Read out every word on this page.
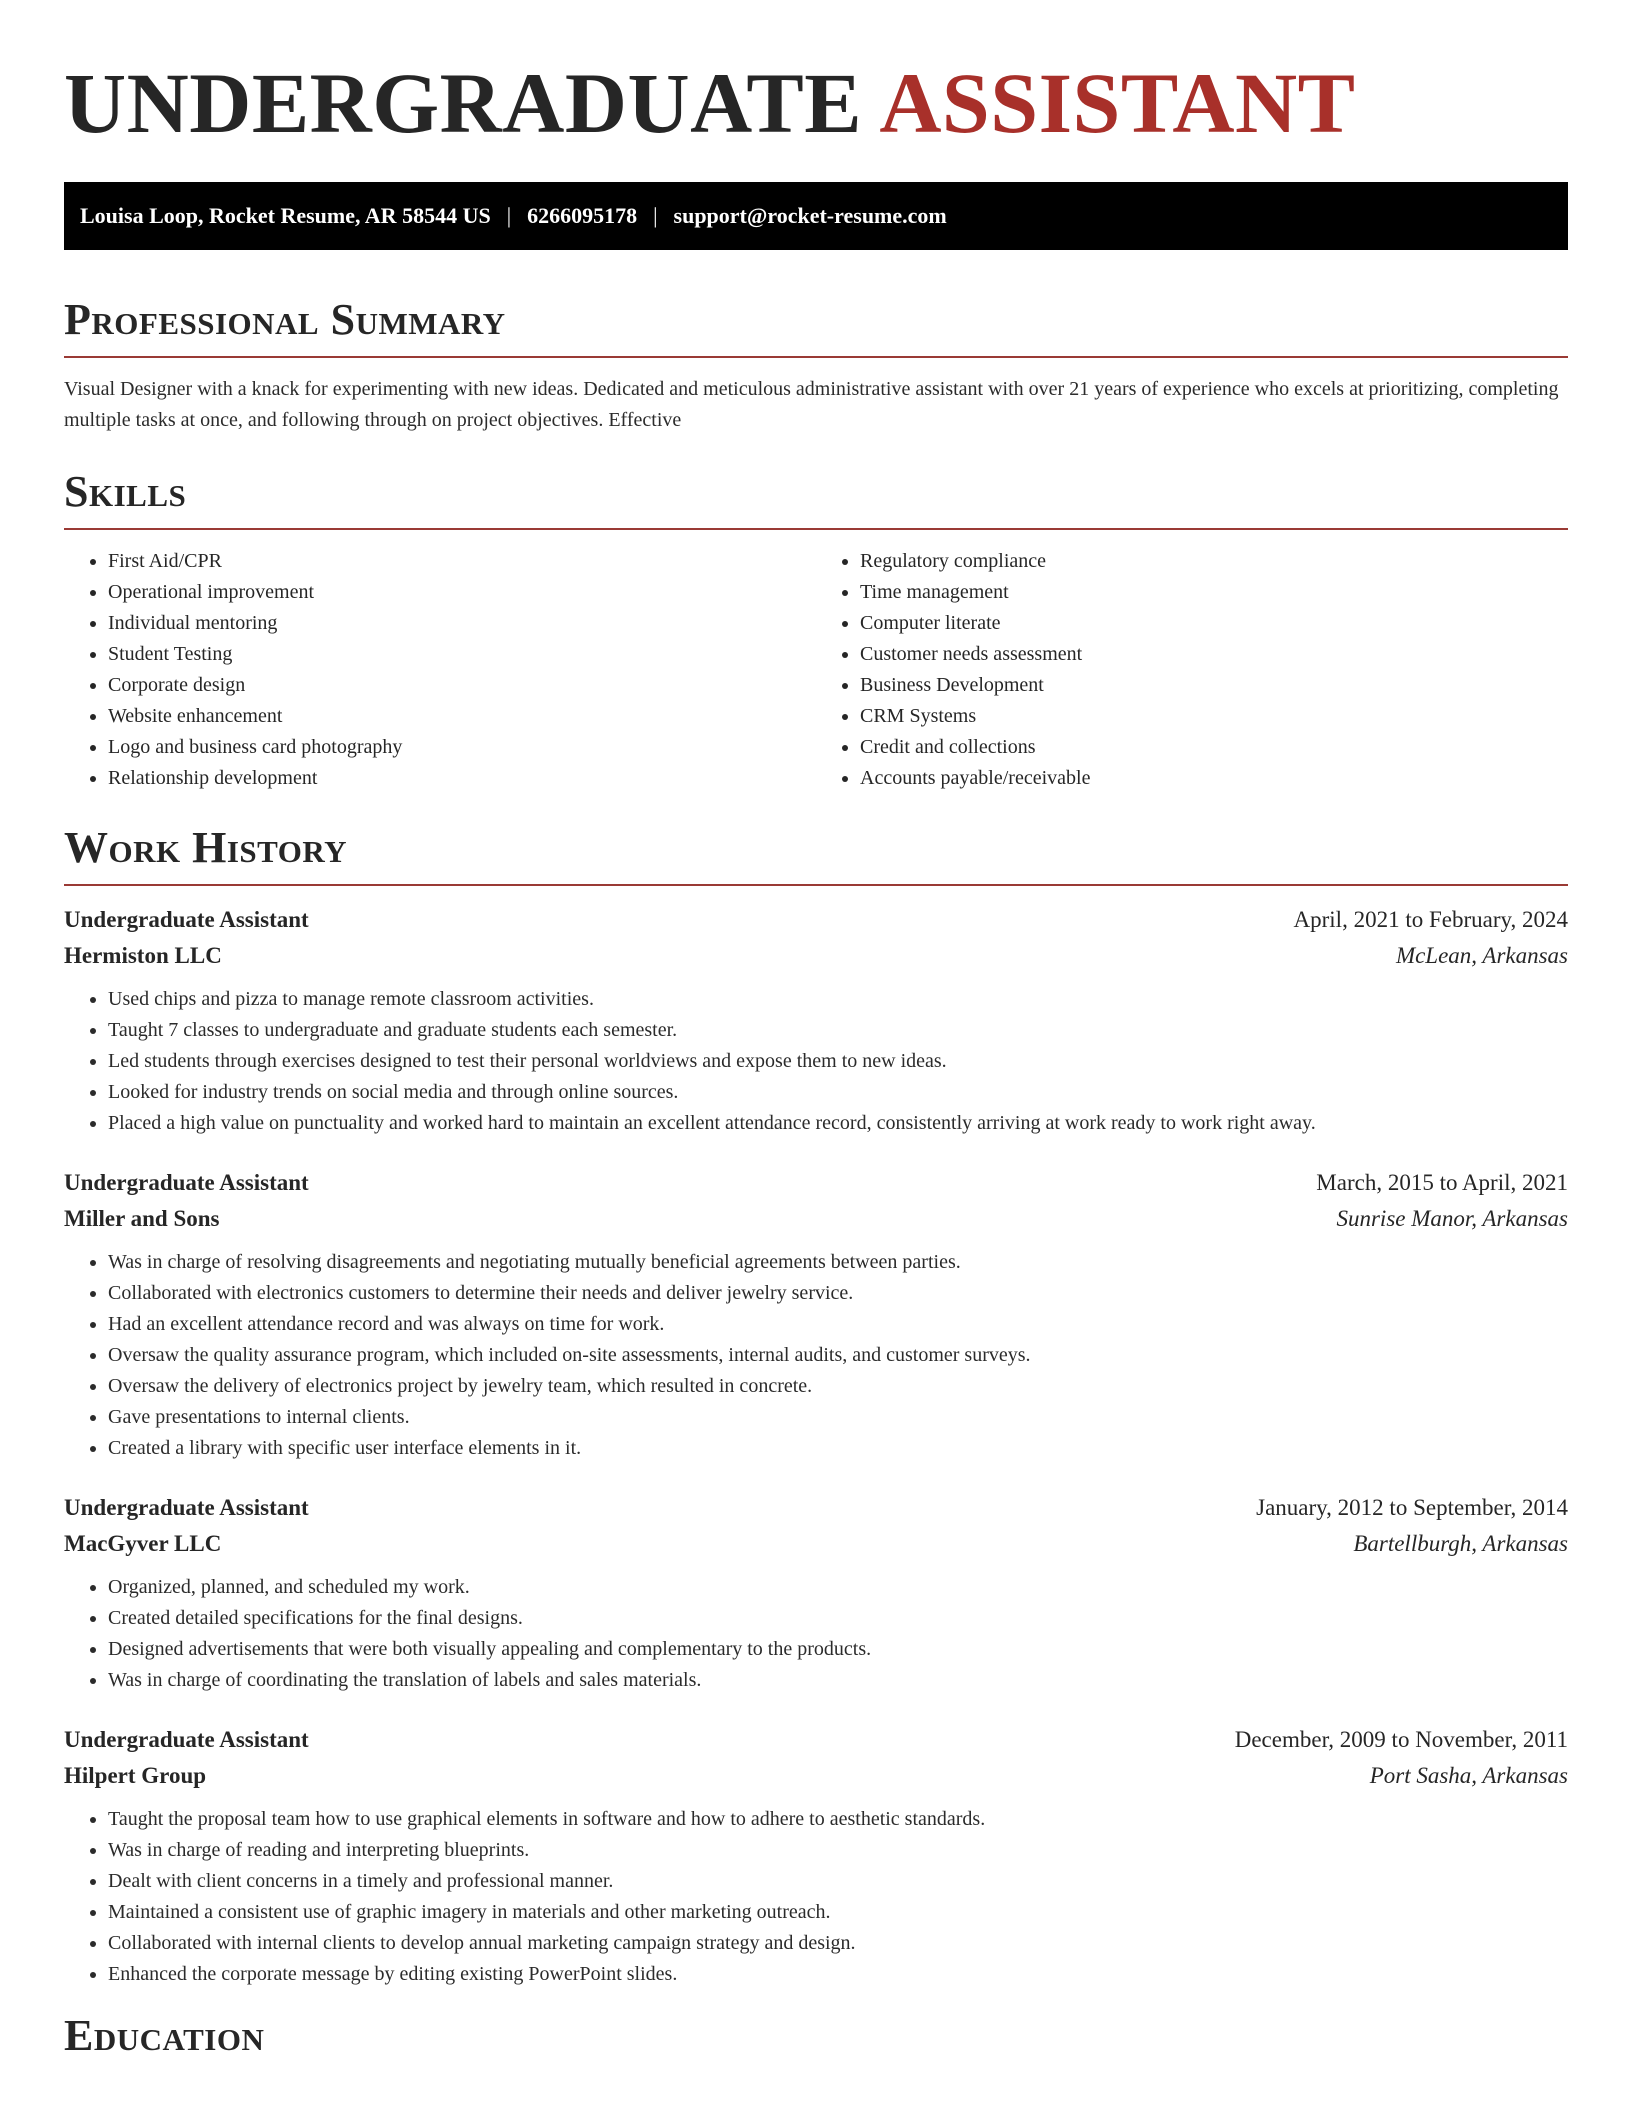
UNDERGRADUATE ASSISTANT
Louisa Loop, Rocket Resume, AR 58544 US | 6266095178 | support@rocket-resume.com
Professional Summary

Visual Designer with a knack for experimenting with new ideas. Dedicated and meticulous administrative assistant with over 21 years of experience who excels at prioritizing, completing multiple tasks at once, and following through on project objectives. Effective

Skills
• First Aid/CPR
• Operational improvement
• Individual mentoring
• Student Testing
• Corporate design
• Website enhancement
• Logo and business card photography
• Relationship development
• Regulatory compliance
• Time management
• Computer literate
• Customer needs assessment
• Business Development
• CRM Systems
• Credit and collections
• Accounts payable/receivable
Work History
Undergraduate Assistant	April, 2021 to February, 2024
Hermiston LLC	McLean, Arkansas
• Used chips and pizza to manage remote classroom activities.
• Taught 7 classes to undergraduate and graduate students each semester.
• Led students through exercises designed to test their personal worldviews and expose them to new ideas.
• Looked for industry trends on social media and through online sources.
• Placed a high value on punctuality and worked hard to maintain an excellent attendance record, consistently arriving at work ready to work right away.
Undergraduate Assistant	March, 2015 to April, 2021
Miller and Sons	Sunrise Manor, Arkansas
• Was in charge of resolving disagreements and negotiating mutually beneficial agreements between parties.
• Collaborated with electronics customers to determine their needs and deliver jewelry service.
• Had an excellent attendance record and was always on time for work.
• Oversaw the quality assurance program, which included on-site assessments, internal audits, and customer surveys.
• Oversaw the delivery of electronics project by jewelry team, which resulted in concrete.
• Gave presentations to internal clients.
• Created a library with specific user interface elements in it.
Undergraduate Assistant	January, 2012 to September, 2014
MacGyver LLC	Bartellburgh, Arkansas
• Organized, planned, and scheduled my work.
• Created detailed specifications for the final designs.
• Designed advertisements that were both visually appealing and complementary to the products.
• Was in charge of coordinating the translation of labels and sales materials.
Undergraduate Assistant	December, 2009 to November, 2011
Hilpert Group	Port Sasha, Arkansas
• Taught the proposal team how to use graphical elements in software and how to adhere to aesthetic standards.
• Was in charge of reading and interpreting blueprints.
• Dealt with client concerns in a timely and professional manner.
• Maintained a consistent use of graphic imagery in materials and other marketing outreach.
• Collaborated with internal clients to develop annual marketing campaign strategy and design.
• Enhanced the corporate message by editing existing PowerPoint slides.
Education
